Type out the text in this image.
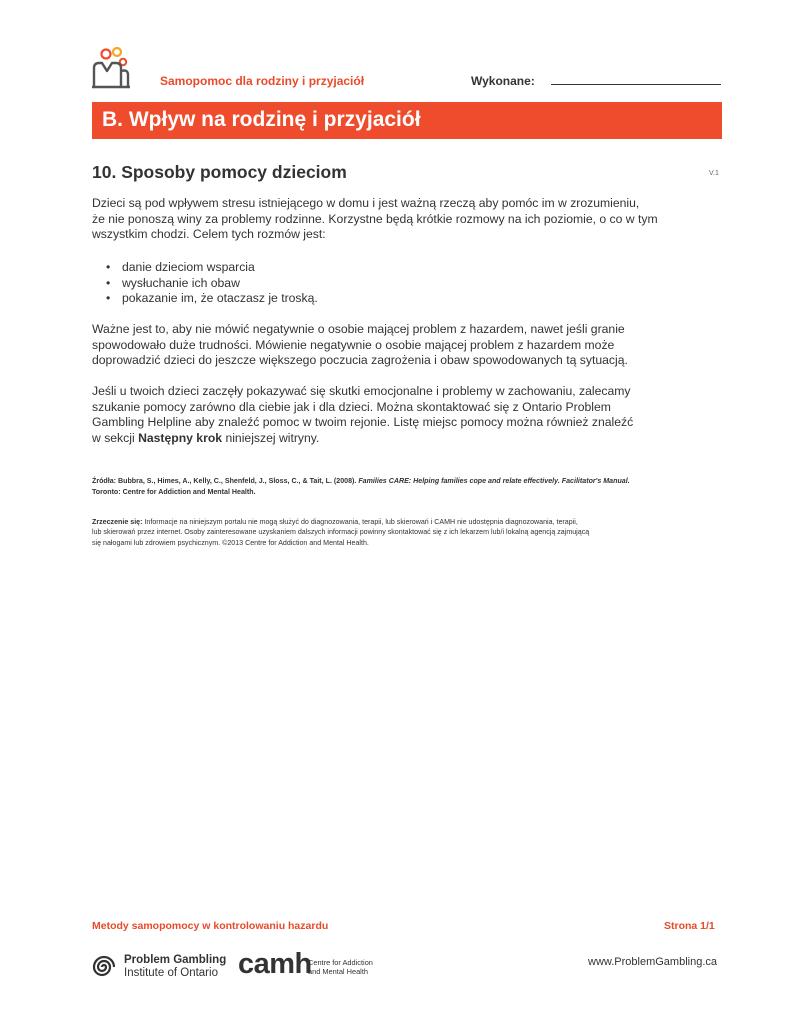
Samopomoc dla rodziny i przyjaciół	Wykonane:
B. Wpływ na rodzinę i przyjaciół
10. Sposoby pomocy dzieciom	V.1
Dzieci są pod wpływem stresu istniejącego w domu i jest ważną rzeczą aby pomóc im w zrozumieniu,
że nie ponoszą winy za problemy rodzinne. Korzystne będą krótkie rozmowy na ich poziomie, o co w tym
wszystkim chodzi. Celem tych rozmów jest:
• danie dzieciom wsparcia
• wysłuchanie ich obaw
• pokazanie im, że otaczasz je troską.
Ważne jest to, aby nie mówić negatywnie o osobie mającej problem z hazardem, nawet jeśli granie
spowodowało duże trudności. Mówienie negatywnie o osobie mającej problem z hazardem może
doprowadzić dzieci do jeszcze większego poczucia zagrożenia i obaw spowodowanych tą sytuacją.
Jeśli u twoich dzieci zaczęły pokazywać się skutki emocjonalne i problemy w zachowaniu, zalecamy
szukanie pomocy zarówno dla ciebie jak i dla dzieci. Można skontaktować się z Ontario Problem
Gambling Helpline aby znaleźć pomoc w twoim rejonie. Listę miejsc pomocy można również znaleźć
w sekcji Następny krok niniejszej witryny.
Źródła: Bubbra, S., Himes, A., Kelly, C., Shenfeld, J., Sloss, C., & Tait, L. (2008). Families CARE: Helping families cope and relate effectively. Facilitator's Manual.
Toronto: Centre for Addiction and Mental Health.
Zrzeczenie się: Informacje na niniejszym portalu nie mogą służyć do diagnozowania, terapii, lub skierowań i CAMH nie udostępnia diagnozowania, terapii,
lub skierowań przez internet. Osoby zainteresowane uzyskaniem dalszych informacji powinny skontaktować się z ich lekarzem lub/i lokalną agencją zajmującą
się nałogami lub zdrowiem psychicznym. ©2013 Centre for Addiction and Mental Health.
Metody samopomocy w kontrolowaniu hazardu	Strona 1/1
Problem Gambling
Institute of Ontario camh
Centre for Addiction
and Mental Health
www.ProblemGambling.ca
